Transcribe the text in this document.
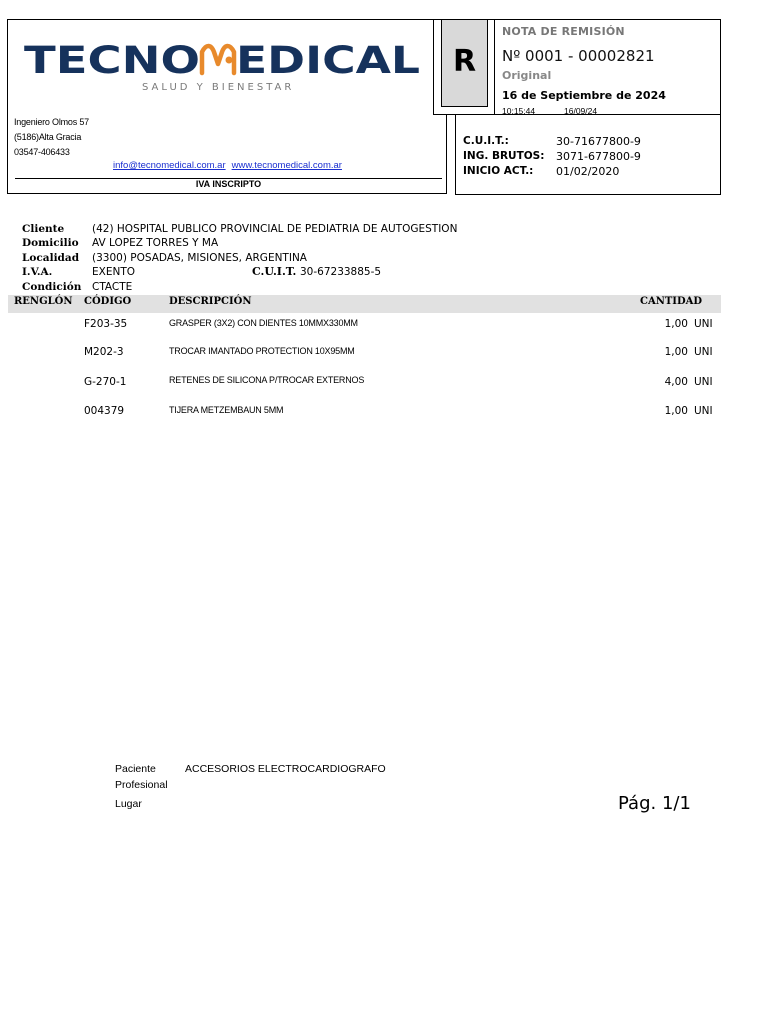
TECNO EDICAL
SALUD Y BIENESTAR
Ingeniero Olmos 57
(5186)Alta Gracia
03547-406433
info@tecnomedical.com.ar www.tecnomedical.com.ar
IVA INSCRIPTO
R
NOTA DE REMISIÓN
Nº 0001 - 00002821
Original
16 de Septiembre de 2024
10:15:44	16/09/24
C.U.I.T.:	30-71677800-9
ING. BRUTOS: 3071-677800-9
INICIO ACT.: 01/02/2020
Cliente	(42) HOSPITAL PUBLICO PROVINCIAL DE PEDIATRIA DE AUTOGESTION
Domicilio AV LOPEZ TORRES Y MA
Localidad (3300) POSADAS, MISIONES, ARGENTINA
I.V.A.	EXENTO	C.U.I.T. 30-67233885-5
Condición CTACTE
RENGLÓN CÓDIGO	DESCRIPCIÓN	CANTIDAD
F203-35	GRASPER (3X2) CON DIENTES 10MMX330MM	1,00 UNI
M202-3	TROCAR IMANTADO PROTECTION 10X95MM	1,00 UNI
G-270-1	RETENES DE SILICONA P/TROCAR EXTERNOS	4,00 UNI
004379	TIJERA METZEMBAUN 5MM	1,00 UNI
Paciente	ACCESORIOS ELECTROCARDIOGRAFO
Profesional
Lugar	Pág. 1/1
